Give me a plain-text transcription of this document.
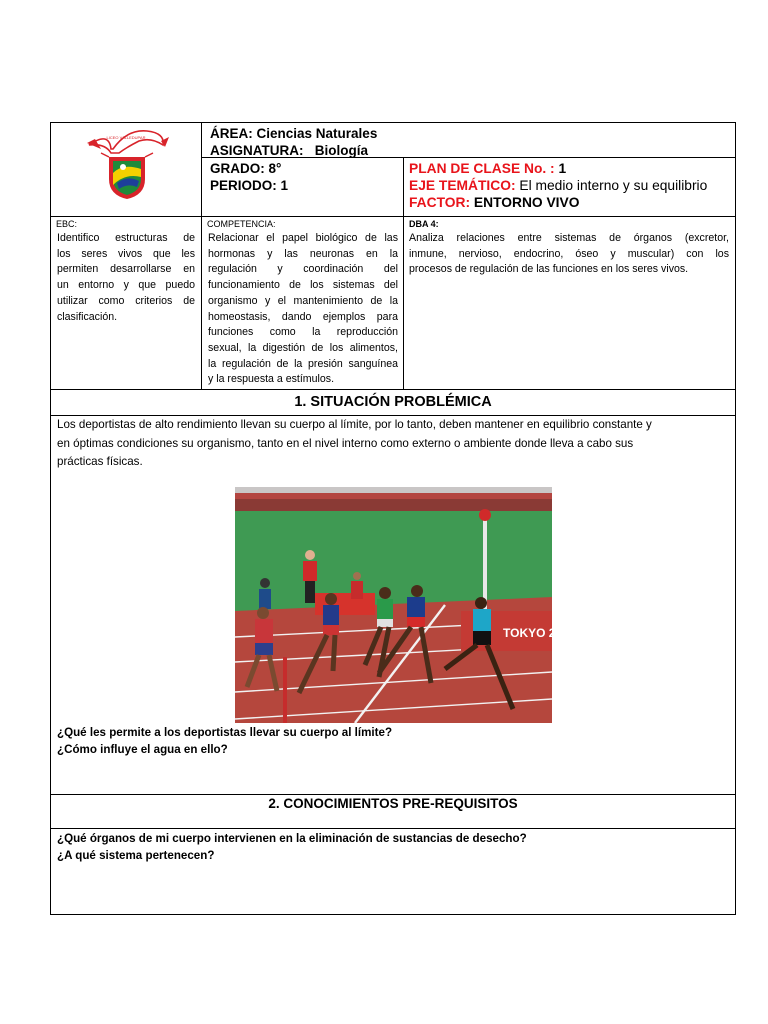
LICEO VALLEDUPAR	ÁREA: Ciencias Naturales
ASIGNATURA: Biología
GRADO: 8°
PERIODO: 1
PLAN DE CLASE No. : 1
EJE TEMÁTICO: El medio interno y su equilibrio
FACTOR: ENTORNO VIVO
EBC:
Identifico estructuras de
los seres vivos que les
permiten desarrollarse en
un entorno y que puedo
utilizar como criterios de
clasificación.
COMPETENCIA:
Relacionar el papel biológico de las
hormonas y las neuronas en la
regulación y coordinación del
funcionamiento de los sistemas del
organismo y el mantenimiento de la
homeostasis, dando ejemplos para
funciones como la reproducción
sexual, la digestión de los alimentos,
la regulación de la presión sanguínea
y la respuesta a estímulos.
DBA 4:
Analiza relaciones entre sistemas de órganos (excretor,
inmune, nervioso, endocrino, óseo y muscular) con los
procesos de regulación de las funciones en los seres vivos.
1. SITUACIÓN PROBLÉMICA
Los deportistas de alto rendimiento llevan su cuerpo al límite, por lo tanto, deben mantener en equilibrio constante y
en óptimas condiciones su organismo, tanto en el nivel interno como externo o ambiente donde lleva a cabo sus
prácticas físicas.
TOKYO 20
¿Qué les permite a los deportistas llevar su cuerpo al límite?
¿Cómo influye el agua en ello?
2. CONOCIMIENTOS PRE-REQUISITOS
¿Qué órganos de mi cuerpo intervienen en la eliminación de sustancias de desecho?
¿A qué sistema pertenecen?
